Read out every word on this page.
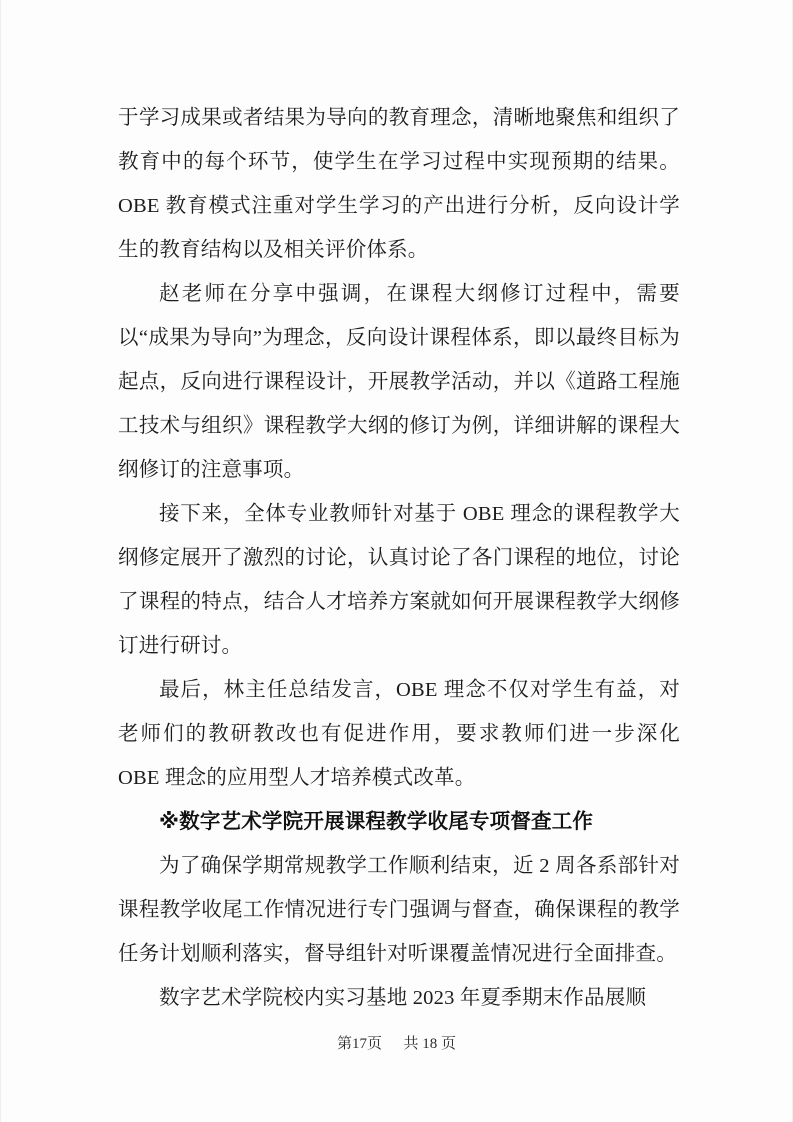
于学习成果或者结果为导向的教育理念，清晰地聚焦和组织了教育中的每个环节，使学生在学习过程中实现预期的结果。OBE 教育模式注重对学生学习的产出进行分析，反向设计学生的教育结构以及相关评价体系。

赵老师在分享中强调，在课程大纲修订过程中，需要以“成果为导向”为理念，反向设计课程体系，即以最终目标为起点，反向进行课程设计，开展教学活动，并以《道路工程施工技术与组织》课程教学大纲的修订为例，详细讲解的课程大纲修订的注意事项。

接下来，全体专业教师针对基于 OBE 理念的课程教学大纲修定展开了激烈的讨论，认真讨论了各门课程的地位，讨论了课程的特点，结合人才培养方案就如何开展课程教学大纲修订进行研讨。

最后，林主任总结发言，OBE 理念不仅对学生有益，对老师们的教研教改也有促进作用，要求教师们进一步深化 OBE 理念的应用型人才培养模式改革。

※数字艺术学院开展课程教学收尾专项督查工作

为了确保学期常规教学工作顺利结束，近 2 周各系部针对课程教学收尾工作情况进行专门强调与督查，确保课程的教学任务计划顺利落实，督导组针对听课覆盖情况进行全面排查。

数字艺术学院校内实习基地 2023 年夏季期末作品展顺

第17页 共 18 页
